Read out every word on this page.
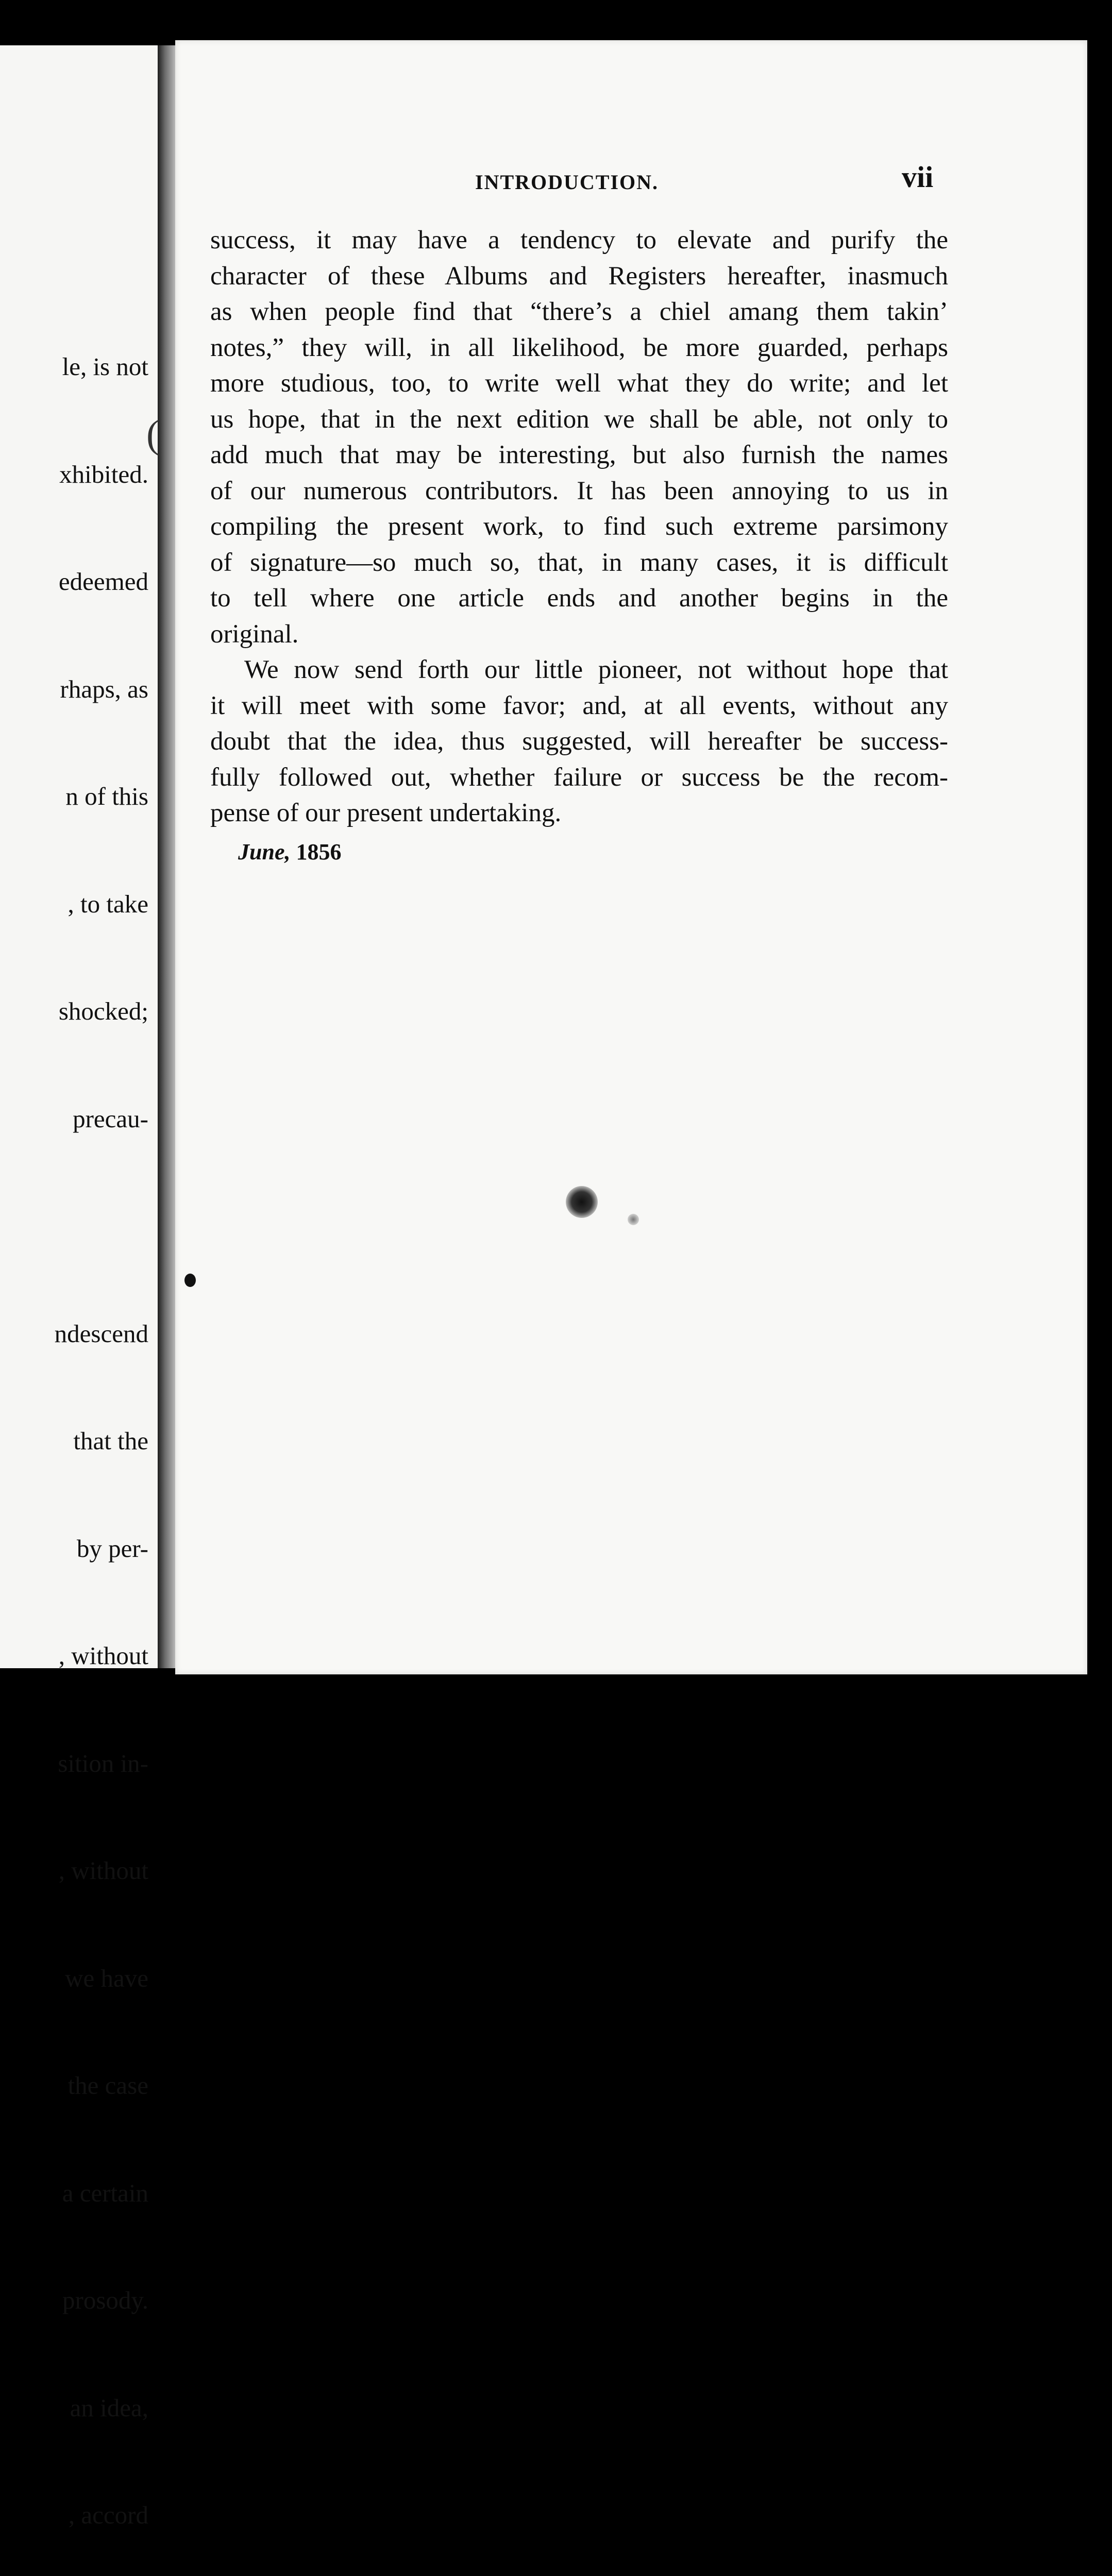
le, is not

xhibited.

edeemed

rhaps, as

n of this

, to take

shocked;

precau-

ndescend

that the

by per-

, without

sition in-

, without

we have

the case

a certain

prosody.

an idea,

, accord

(
INTRODUCTION.	vii
success, it may have a tendency to elevate and purify the
character of these Albums and Registers hereafter, inasmuch
as when people find that “there’s a chiel amang them takin’
notes,” they will, in all likelihood, be more guarded, perhaps
more studious, too, to write well what they do write; and let
us hope, that in the next edition we shall be able, not only to
add much that may be interesting, but also furnish the names
of our numerous contributors. It has been annoying to us in
compiling the present work, to find such extreme parsimony
of signature—so much so, that, in many cases, it is difficult
to tell where one article ends and another begins in the
original.
We now send forth our little pioneer, not without hope that
it will meet with some favor; and, at all events, without any
doubt that the idea, thus suggested, will hereafter be success-
fully followed out, whether failure or success be the recom-
pense of our present undertaking.
June, 1856
